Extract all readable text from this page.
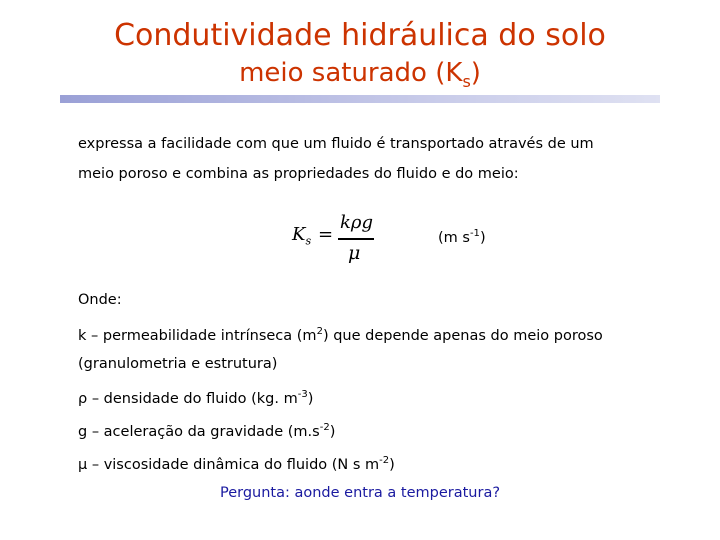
Condutividade hidráulica do solo
meio saturado $(K_s)$
expressa a facilidade com que um fluido é transportado através de um
meio poroso e combina as propriedades do fluido e do meio:
$K_s$ =
kρg
μ
(m $s^{-1}$)
Onde:
k – permeabilidade intrínseca $(m^2)$ que depende apenas do meio poroso
(granulometria e estrutura)
ρ – densidade do fluido (kg. $m^{-3}$)
g – aceleração da gravidade $(m.s^{-2})$
μ – viscosidade dinâmica do fluido (N s $m^{-2}$)
Pergunta: aonde entra a temperatura?
